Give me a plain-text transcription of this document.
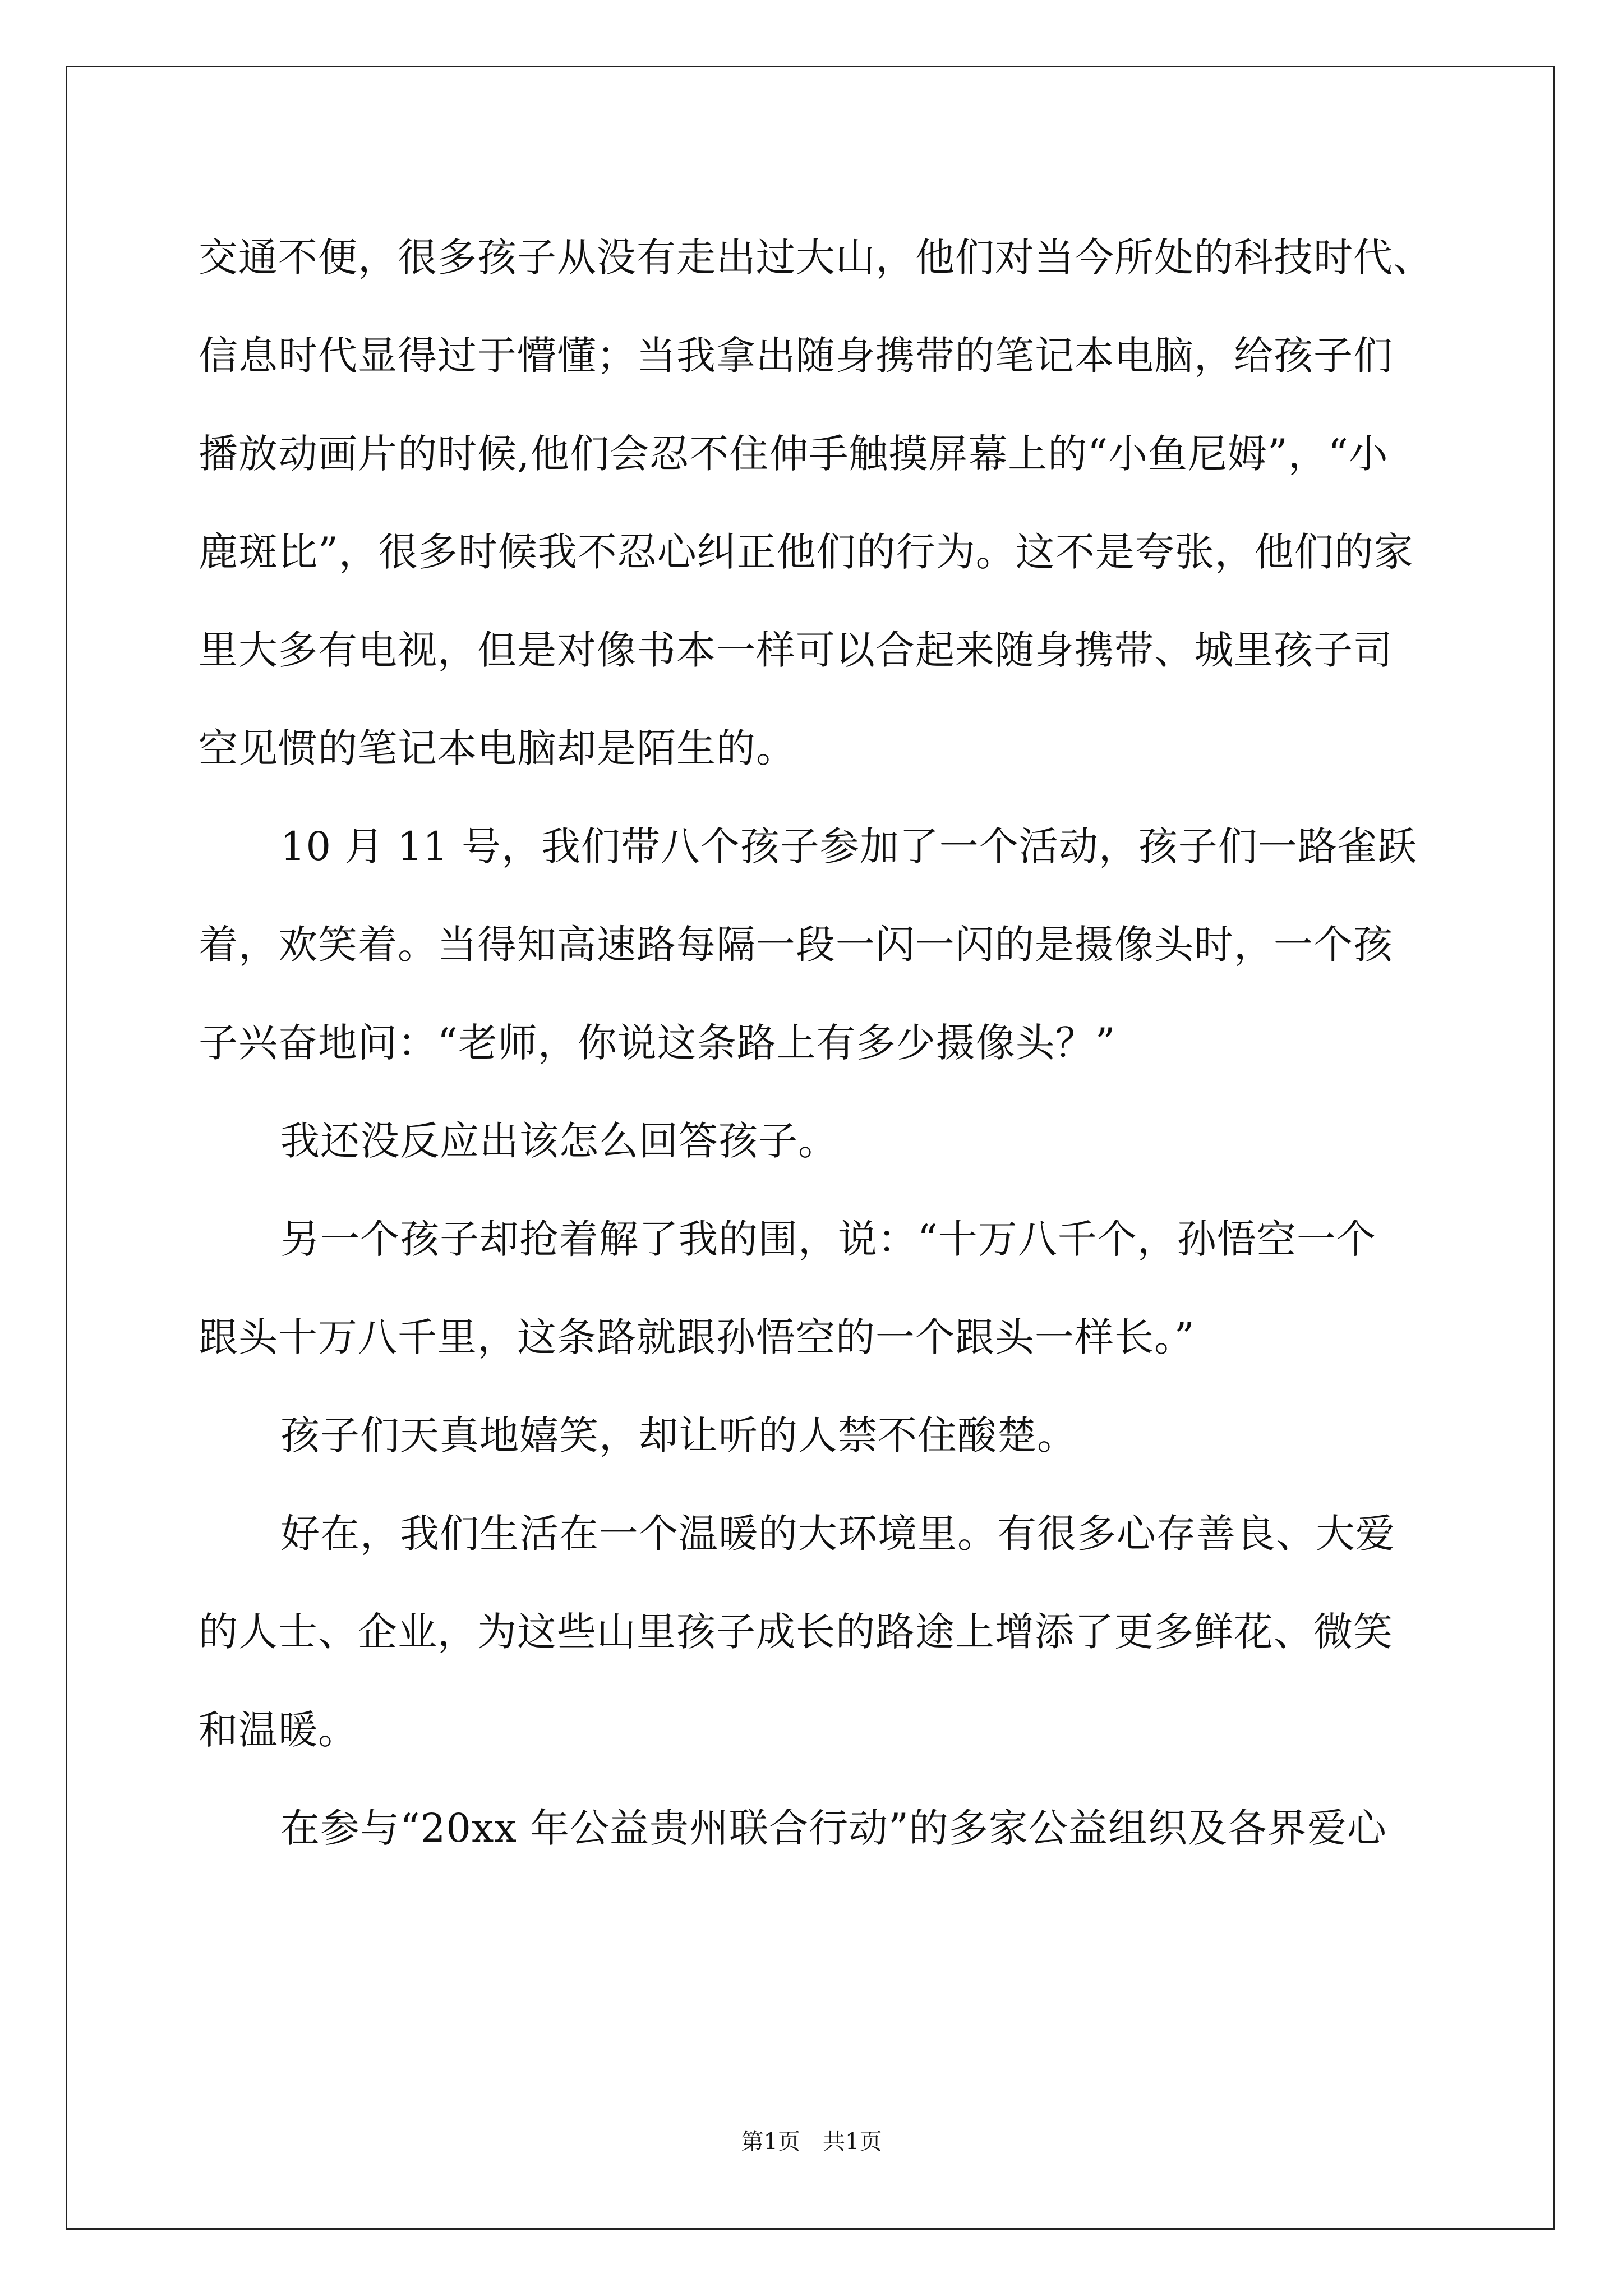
交通不便，很多孩子从没有走出过大山，他们对当今所处的科技时代、
信息时代显得过于懵懂；当我拿出随身携带的笔记本电脑，给孩子们
播放动画片的时候,他们会忍不住伸手触摸屏幕上的“小鱼尼姆”，“小
鹿斑比”，很多时候我不忍心纠正他们的行为。这不是夸张，他们的家
里大多有电视，但是对像书本一样可以合起来随身携带、城里孩子司
空见惯的笔记本电脑却是陌生的。
10 月 11 号，我们带八个孩子参加了一个活动，孩子们一路雀跃
着，欢笑着。当得知高速路每隔一段一闪一闪的是摄像头时，一个孩
子兴奋地问：“老师，你说这条路上有多少摄像头？”
我还没反应出该怎么回答孩子。
另一个孩子却抢着解了我的围，说：“十万八千个，孙悟空一个
跟头十万八千里，这条路就跟孙悟空的一个跟头一样长。”
孩子们天真地嬉笑，却让听的人禁不住酸楚。
好在，我们生活在一个温暖的大环境里。有很多心存善良、大爱
的人士、企业，为这些山里孩子成长的路途上增添了更多鲜花、微笑
和温暖。
在参与“20xx 年公益贵州联合行动”的多家公益组织及各界爱心
第1页　共1页
